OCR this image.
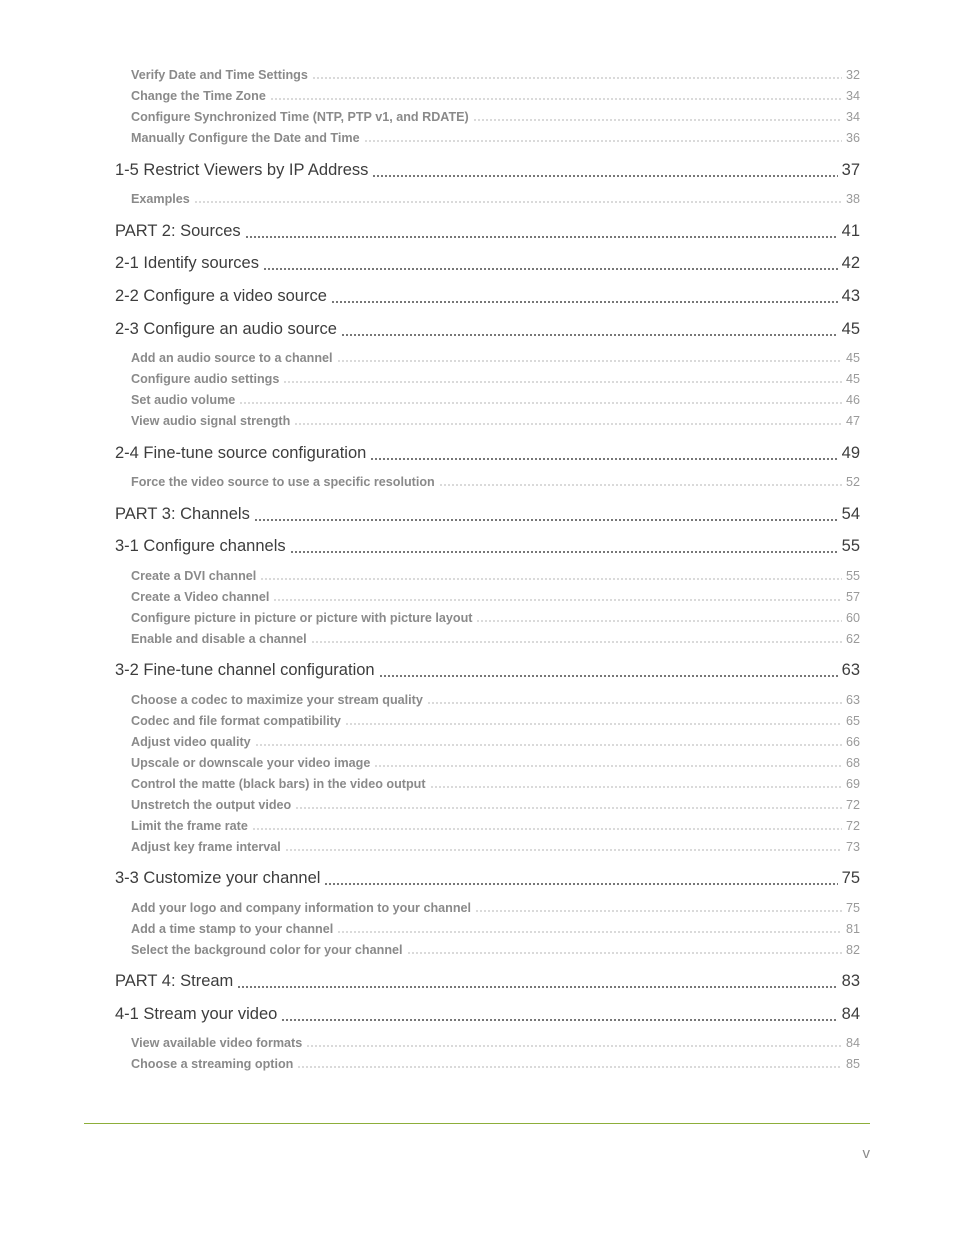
Verify Date and Time Settings	32
Change the Time Zone	34
Configure Synchronized Time (NTP, PTP v1, and RDATE)	34
Manually Configure the Date and Time	36
1-5 Restrict Viewers by IP Address	37
Examples	38
PART 2: Sources	41
2-1 Identify sources	42
2-2 Configure a video source	43
2-3 Configure an audio source	45
Add an audio source to a channel	45
Configure audio settings	45
Set audio volume	46
View audio signal strength	47
2-4 Fine-tune source configuration	49
Force the video source to use a specific resolution	52
PART 3: Channels	54
3-1 Configure channels	55
Create a DVI channel	55
Create a Video channel	57
Configure picture in picture or picture with picture layout	60
Enable and disable a channel	62
3-2 Fine-tune channel configuration	63
Choose a codec to maximize your stream quality	63
Codec and file format compatibility	65
Adjust video quality	66
Upscale or downscale your video image	68
Control the matte (black bars) in the video output	69
Unstretch the output video	72
Limit the frame rate	72
Adjust key frame interval	73
3-3 Customize your channel	75
Add your logo and company information to your channel	75
Add a time stamp to your channel	81
Select the background color for your channel	82
PART 4: Stream	83
4-1 Stream your video	84
View available video formats	84
Choose a streaming option	85
v
